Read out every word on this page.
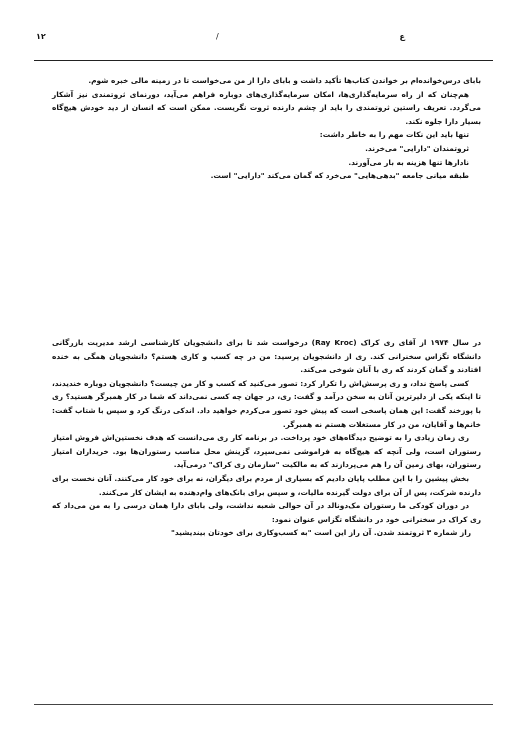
۱۲	/	ع

بابای درس‌خوانده‌ام بر خواندن کتاب‌ها تأکید داشت و بابای دارا از من می‌خواست تا در زمینه مالی خبره شوم.

هم‌چنان که از راه سرمایه‌گذاری‌ها، امکان سرمایه‌گذاری‌های دوباره فراهم می‌آید، دورنمای ثروتمندی نیز آشکار می‌گردد. تعریف راستین ثروتمندی را باید از چشم دارنده ثروت نگریست. ممکن است که انسان از دید خودش هیچ‌گاه بسیار دارا جلوه نکند.

تنها باید این نکات مهم را به خاطر داشت:

ثروتمندان "دارایی" می‌خرند.

نادارها تنها هزینه به بار می‌آورند.

طبقه میانی جامعه "بدهی‌هایی" می‌خرد که گمان می‌کند "دارایی" است.

در سال ۱۹۷۴ از آقای ری کراک (Ray Kroc) درخواست شد تا برای دانشجویان کارشناسی ارشد مدیریت بازرگانی دانشگاه تگزاس سخنرانی کند. ری از دانشجویان پرسید: من در چه کسب و کاری هستم؟ دانشجویان همگی به خنده افتادند و گمان کردند که ری با آنان شوخی می‌کند.

کسی پاسخ نداد، و ری پرسش‌اش را تکرار کرد: تصور می‌کنید که کسب و کار من چیست؟ دانشجویان دوباره خندیدند، تا اینکه یکی از دلیرترین آنان به سخن درآمد و گفت: ری، در جهان چه کسی نمی‌داند که شما در کار همبرگر هستید؟ ری با پوزخند گفت: این همان پاسخی است که پیش خود تصور می‌کردم خواهید داد. اندکی درنگ کرد و سپس با شتاب گفت: خانم‌ها و آقایان، من در کار مستغلات هستم نه همبرگر.

ری زمان زیادی را به توضیح دیدگاه‌های خود پرداخت. در برنامه کار ری می‌دانست که هدف نخستین‌اش فروش امتیاز رستوران است، ولی آنچه که هیچ‌گاه به فراموشی نمی‌سپرد، گزینش محل مناسب رستوران‌ها بود. خریداران امتیاز رستوران، بهای زمین آن را هم می‌پردازند که به مالکیت "سازمان ری کراک" درمی‌آید.

بخش پیشین را با این مطلب پایان دادیم که بسیاری از مردم برای دیگران، نه برای خود کار می‌کنند. آنان نخست برای دارنده شرکت، پس از آن برای دولت گیرنده مالیات، و سپس برای بانک‌های وام‌دهنده به ایشان کار می‌کنند.

در دوران کودکی ما رستوران مک‌دونالد در آن حوالی شعبه نداشت، ولی بابای دارا همان درسی را به من می‌داد که ری کراک در سخنرانی خود در دانشگاه تگزاس عنوان نمود:

راز شماره ۳ ثروتمند شدن. آن راز این است "به کسب‌وکاری برای خودتان بیندیشید"
